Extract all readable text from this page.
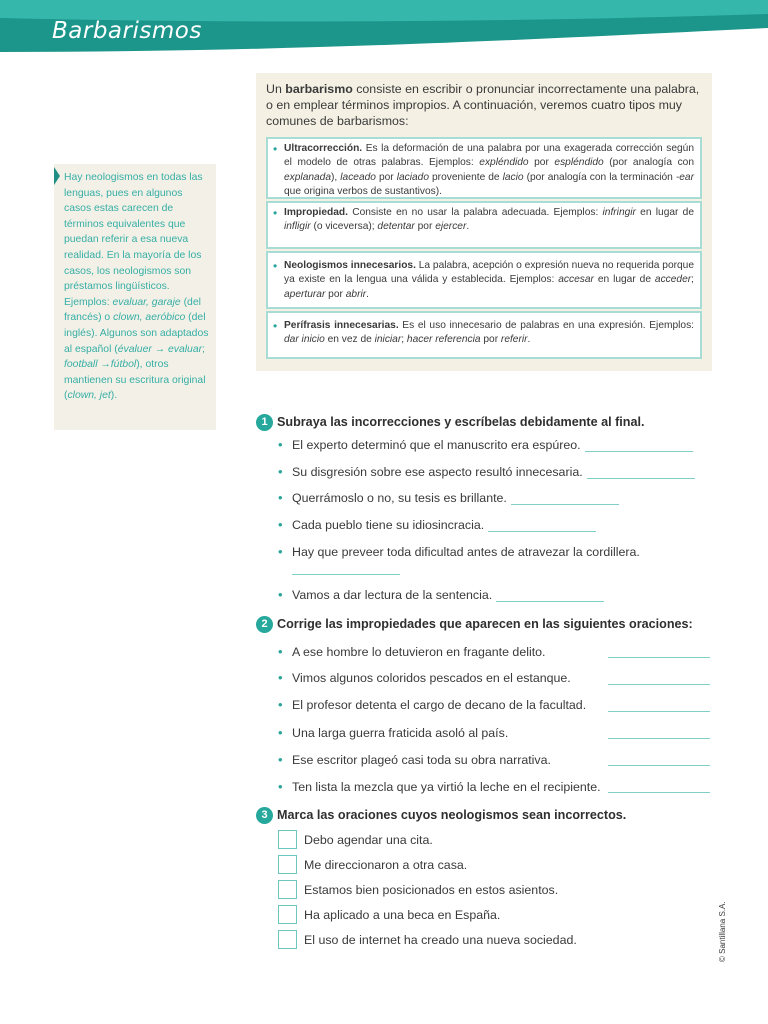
Barbarismos
Hay neologismos en todas las lenguas, pues en algunos casos estas carecen de términos equivalentes que puedan referir a esa nueva realidad. En la mayoría de los casos, los neologismos son préstamos lingüísticos. Ejemplos: evaluar, garaje (del francés) o clown, aeróbico (del inglés). Algunos son adaptados al español (évaluer → evaluar; football →fútbol), otros mantienen su escritura original (clown, jet).
Un barbarismo consiste en escribir o pronunciar incorrectamente una palabra, o en emplear términos impropios. A continuación, veremos cuatro tipos muy comunes de barbarismos:
• Ultracorrección. Es la deformación de una palabra por una exagerada corrección según el modelo de otras palabras. Ejemplos: expléndido por espléndido (por analogía con explanada), laceado por laciado proveniente de lacio (por analogía con la terminación -ear que origina verbos de sustantivos).
• Impropiedad. Consiste en no usar la palabra adecuada. Ejemplos: infringir en lugar de infligir (o viceversa); detentar por ejercer.
• Neologismos innecesarios. La palabra, acepción o expresión nueva no requerida porque ya existe en la lengua una válida y establecida. Ejemplos: accesar en lugar de acceder; aperturar por abrir.
• Perífrasis innecesarias. Es el uso innecesario de palabras en una expresión. Ejemplos: dar inicio en vez de iniciar; hacer referencia por referir.
1 Subraya las incorrecciones y escríbelas debidamente al final.
• El experto determinó que el manuscrito era espúreo.
• Su disgresión sobre ese aspecto resultó innecesaria.
• Querrámoslo o no, su tesis es brillante.
• Cada pueblo tiene su idiosincracia.
• Hay que preveer toda dificultad antes de atravezar la cordillera.
• Vamos a dar lectura de la sentencia.
2 Corrige las impropiedades que aparecen en las siguientes oraciones:
• A ese hombre lo detuvieron en fragante delito.
• Vimos algunos coloridos pescados en el estanque.
• El profesor detenta el cargo de decano de la facultad.
• Una larga guerra fraticida asoló al país.
• Ese escritor plageó casi toda su obra narrativa.
• Ten lista la mezcla que ya virtió la leche en el recipiente.
3 Marca las oraciones cuyos neologismos sean incorrectos.
Debo agendar una cita.
Me direccionaron a otra casa.
Estamos bien posicionados en estos asientos.
Ha aplicado a una beca en España.
El uso de internet ha creado una nueva sociedad.	© Santillana S.A.
